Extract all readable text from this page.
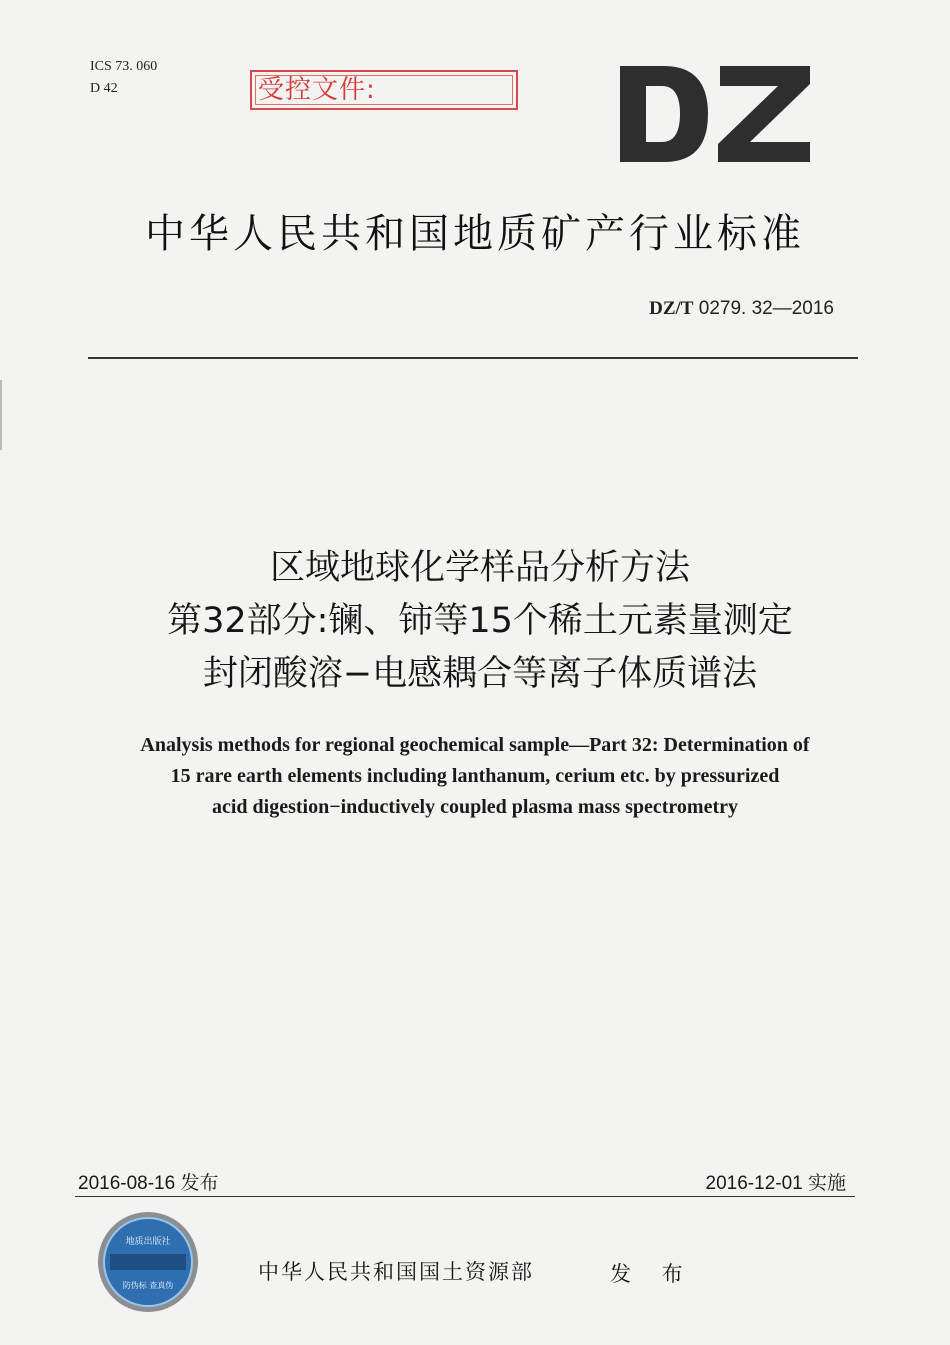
ICS 73. 060
D 42	受控文件:
中华人民共和国地质矿产行业标准
DZ/T 0279. 32—2016
区域地球化学样品分析方法
第32部分:镧、铈等15个稀土元素量测定
封闭酸溶−电感耦合等离子体质谱法
Analysis methods for regional geochemical sample—Part 32: Determination of
15 rare earth elements including lanthanum, cerium etc. by pressurized
acid digestion−inductively coupled plasma mass spectrometry
2016-08-16 发布	2016-12-01 实施
地质出版社
防伪标 查真伪
中华人民共和国国土资源部	发 布
